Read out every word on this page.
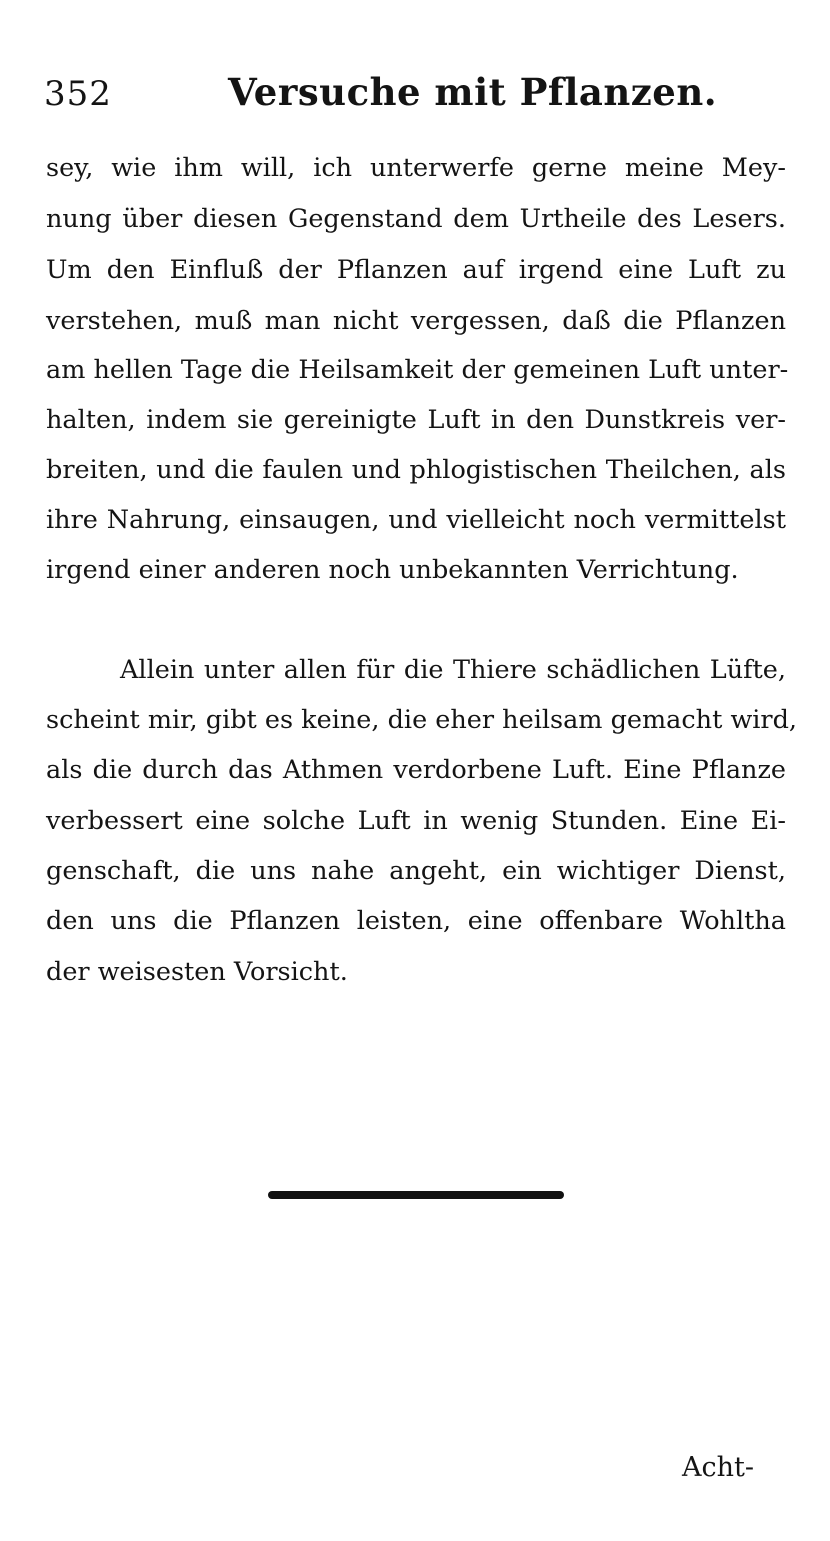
352	Versuche mit Pflanzen.
sey, wie ihm will, ich unterwerfe gerne meine Mey-
nung über diesen Gegenstand dem Urtheile des Lesers.
Um den Einfluß der Pflanzen auf irgend eine Luft zu
verstehen, muß man nicht vergessen, daß die Pflanzen
am hellen Tage die Heilsamkeit der gemeinen Luft unter-
halten, indem sie gereinigte Luft in den Dunstkreis ver-
breiten, und die faulen und phlogistischen Theilchen, als
ihre Nahrung, einsaugen, und vielleicht noch vermittelst
irgend einer anderen noch unbekannten Verrichtung.
Allein unter allen für die Thiere schädlichen Lüfte,
scheint mir, gibt es keine, die eher heilsam gemacht wird,
als die durch das Athmen verdorbene Luft. Eine Pflanze
verbessert eine solche Luft in wenig Stunden. Eine Ei-
genschaft, die uns nahe angeht, ein wichtiger Dienst,
den uns die Pflanzen leisten, eine offenbare Wohltha
der weisesten Vorsicht.
Acht-
